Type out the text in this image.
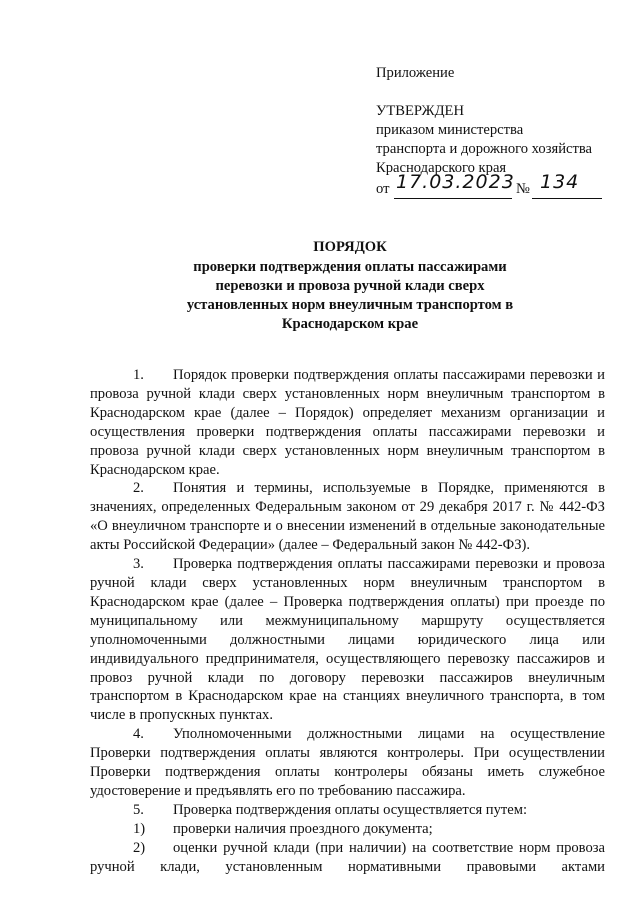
Приложение
УТВЕРЖДЕН
приказом министерства
транспорта и дорожного хозяйства
Краснодарского края
от 17.03.2023 № 134
ПОРЯДОК
проверки подтверждения оплаты пассажирами
перевозки и провоза ручной клади сверх
установленных норм внеуличным транспортом в
Краснодарском крае

1. Порядок проверки подтверждения оплаты пассажирами перевозки и провоза ручной клади сверх установленных норм внеуличным транспортом в Краснодарском крае (далее – Порядок) определяет механизм организации и осуществления проверки подтверждения оплаты пассажирами перевозки и провоза ручной клади сверх установленных норм внеуличным транспортом в Краснодарском крае.

2. Понятия и термины, используемые в Порядке, применяются в значениях, определенных Федеральным законом от 29 декабря 2017 г. № 442-ФЗ «О внеуличном транспорте и о внесении изменений в отдельные законодательные акты Российской Федерации» (далее – Федеральный закон № 442-ФЗ).

3. Проверка подтверждения оплаты пассажирами перевозки и провоза ручной клади сверх установленных норм внеуличным транспортом в Краснодарском крае (далее – Проверка подтверждения оплаты) при проезде по муниципальному или межмуниципальному маршруту осуществляется уполномоченными должностными лицами юридического лица или индивидуального предпринимателя, осуществляющего перевозку пассажиров и провоз ручной клади по договору перевозки пассажиров внеуличным транспортом в Краснодарском крае на станциях внеуличного транспорта, в том числе в пропускных пунктах.

4. Уполномоченными должностными лицами на осуществление Проверки подтверждения оплаты являются контролеры. При осуществлении Проверки подтверждения оплаты контролеры обязаны иметь служебное удостоверение и предъявлять его по требованию пассажира.

5. Проверка подтверждения оплаты осуществляется путем:

1) проверки наличия проездного документа;

2) оценки ручной клади (при наличии) на соответствие норм провоза ручной клади, установленным нормативными правовыми актами
